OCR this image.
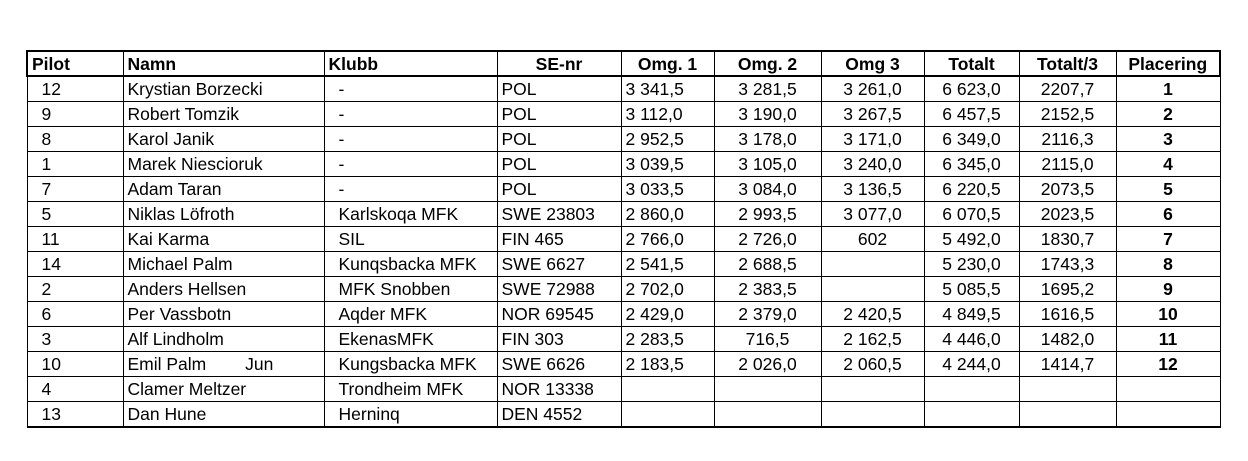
Pilot	Namn	Klubb	SE-nr	Omg. 1	Omg. 2	Omg 3	Totalt	Totalt/3	Placering
12	Krystian Borzecki	-	POL	3 341,5	3 281,5	3 261,0	6 623,0	2207,7	1
9	Robert Tomzik	-	POL	3 112,0	3 190,0	3 267,5	6 457,5	2152,5	2
8	Karol Janik	-	POL	2 952,5	3 178,0	3 171,0	6 349,0	2116,3	3
1	Marek Niescioruk	-	POL	3 039,5	3 105,0	3 240,0	6 345,0	2115,0	4
7	Adam Taran	-	POL	3 033,5	3 084,0	3 136,5	6 220,5	2073,5	5
5	Niklas Löfroth	Karlskoqa MFK	SWE 23803	2 860,0	2 993,5	3 077,0	6 070,5	2023,5	6
11	Kai Karma	SIL	FIN 465	2 766,0	2 726,0	602	5 492,0	1830,7	7
14	Michael Palm	Kunqsbacka MFK	SWE 6627	2 541,5	2 688,5		5 230,0	1743,3	8
2	Anders Hellsen	MFK Snobben	SWE 72988	2 702,0	2 383,5		5 085,5	1695,2	9
6	Per Vassbotn	Aqder MFK	NOR 69545	2 429,0	2 379,0	2 420,5	4 849,5	1616,5	10
3	Alf Lindholm	EkenasMFK	FIN 303	2 283,5	716,5	2 162,5	4 446,0	1482,0	11
10	Emil Palm        Jun	Kungsbacka MFK	SWE 6626	2 183,5	2 026,0	2 060,5	4 244,0	1414,7	12
4	Clamer Meltzer	Trondheim MFK	NOR 13338						
13	Dan Hune	Herninq	DEN 4552						
